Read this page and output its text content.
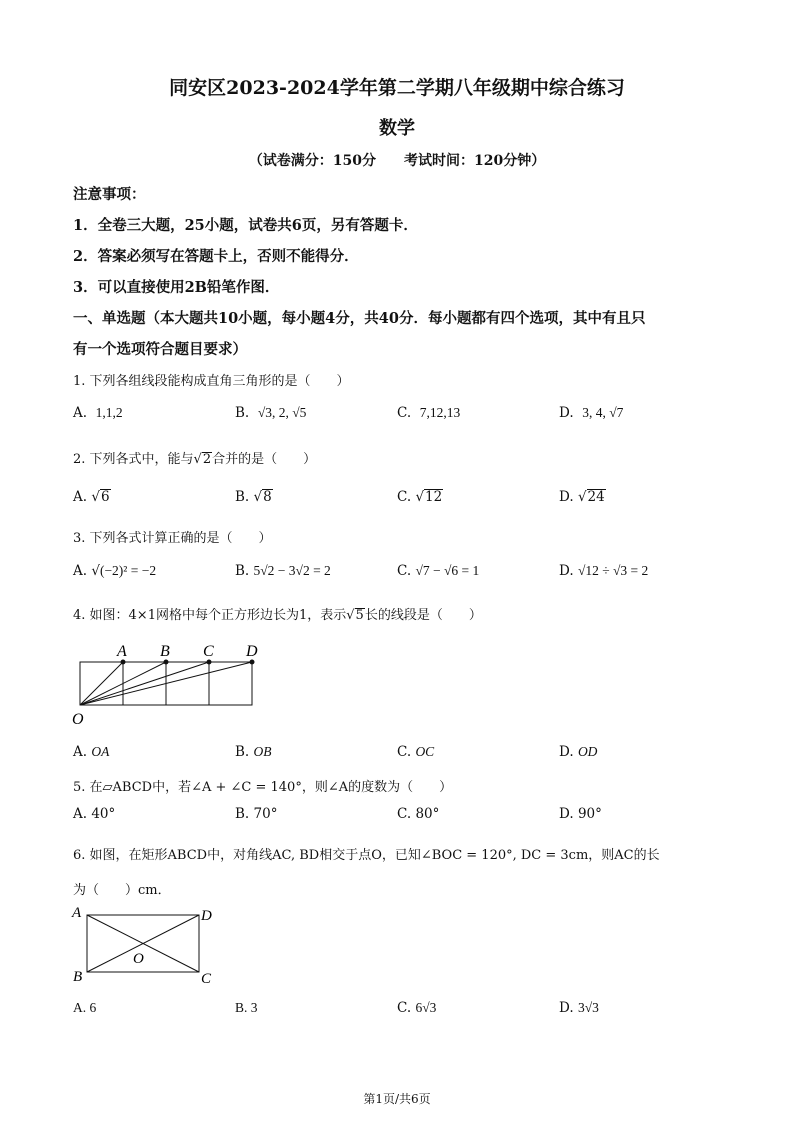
同安区2023-2024学年第二学期八年级期中综合练习
数学
（试卷满分：150分　　考试时间：120分钟）
注意事项：
1．全卷三大题，25小题，试卷共6页，另有答题卡．
2．答案必须写在答题卡上，否则不能得分．
3．可以直接使用2B铅笔作图．
一、单选题（本大题共10小题，每小题4分，共40分．每小题都有四个选项，其中有且只
有一个选项符合题目要求）
1. 下列各组线段能构成直角三角形的是（　　）
A. 1,1,2	B. √3, 2, √5	C. 7,12,13	D. 3, 4, √7
2. 下列各式中，能与√2合并的是（　　）
A. √6	B. √8	C. √12	D. √24
3. 下列各式计算正确的是（　　）
A. √(−2)² = −2	B. 5√2 − 3√2 = 2	C. √7 − √6 = 1	D. √12 ÷ √3 = 2
4. 如图：4×1网格中每个正方形边长为1，表示√5长的线段是（　　）
A B C D
O
A. OA	B. OB	C. OC	D. OD
5. 在▱ABCD中，若∠A + ∠C = 140°，则∠A的度数为（　　）
A. 40°	B. 70°	C. 80°	D. 90°
6. 如图，在矩形ABCD中，对角线AC, BD相交于点O，已知∠BOC = 120°, DC = 3cm，则AC的长
为（　　）cm．
A	D
O
B	C
A. 6	B. 3	C. 6√3	D. 3√3
第1页/共6页
